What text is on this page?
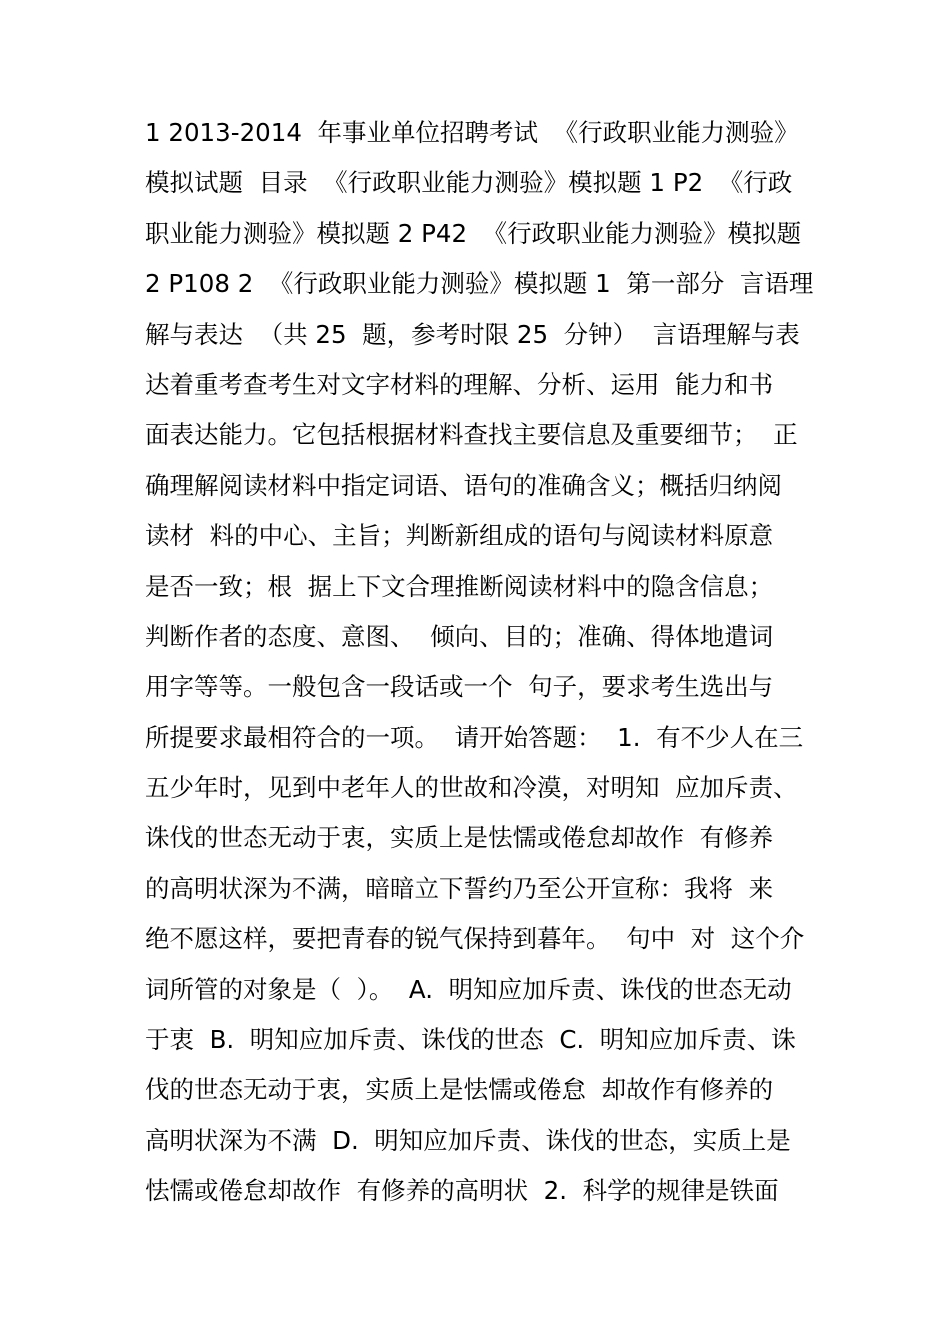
1 2013-2014  年事业单位招聘考试  《行政职业能力测验》
模拟试题  目录  《行政职业能力测验》模拟题 1 P2  《行政
职业能力测验》模拟题 2 P42  《行政职业能力测验》模拟题
2 P108 2  《行政职业能力测验》模拟题 1  第一部分  言语理
解与表达  （共 25  题，参考时限 25  分钟）  言语理解与表
达着重考查考生对文字材料的理解、分析、运用  能力和书
面表达能力。它包括根据材料查找主要信息及重要细节；  正
确理解阅读材料中指定词语、语句的准确含义；概括归纳阅
读材  料的中心、主旨；判断新组成的语句与阅读材料原意
是否一致；根  据上下文合理推断阅读材料中的隐含信息；
判断作者的态度、意图、  倾向、目的；准确、得体地遣词
用字等等。一般包含一段话或一个  句子，要求考生选出与
所提要求最相符合的一项。  请开始答题：  1.  有不少人在三
五少年时，见到中老年人的世故和冷漠，对明知  应加斥责、
诛伐的世态无动于衷，实质上是怯懦或倦怠却故作  有修养
的高明状深为不满，暗暗立下誓约乃至公开宣称：我将  来
绝不愿这样，要把青春的锐气保持到暮年。  句中  对  这个介
词所管的对象是（  ）。  A.  明知应加斥责、诛伐的世态无动
于衷  B.  明知应加斥责、诛伐的世态  C.  明知应加斥责、诛
伐的世态无动于衷，实质上是怯懦或倦怠  却故作有修养的
高明状深为不满  D.  明知应加斥责、诛伐的世态，实质上是
怯懦或倦怠却故作  有修养的高明状  2.  科学的规律是铁面
